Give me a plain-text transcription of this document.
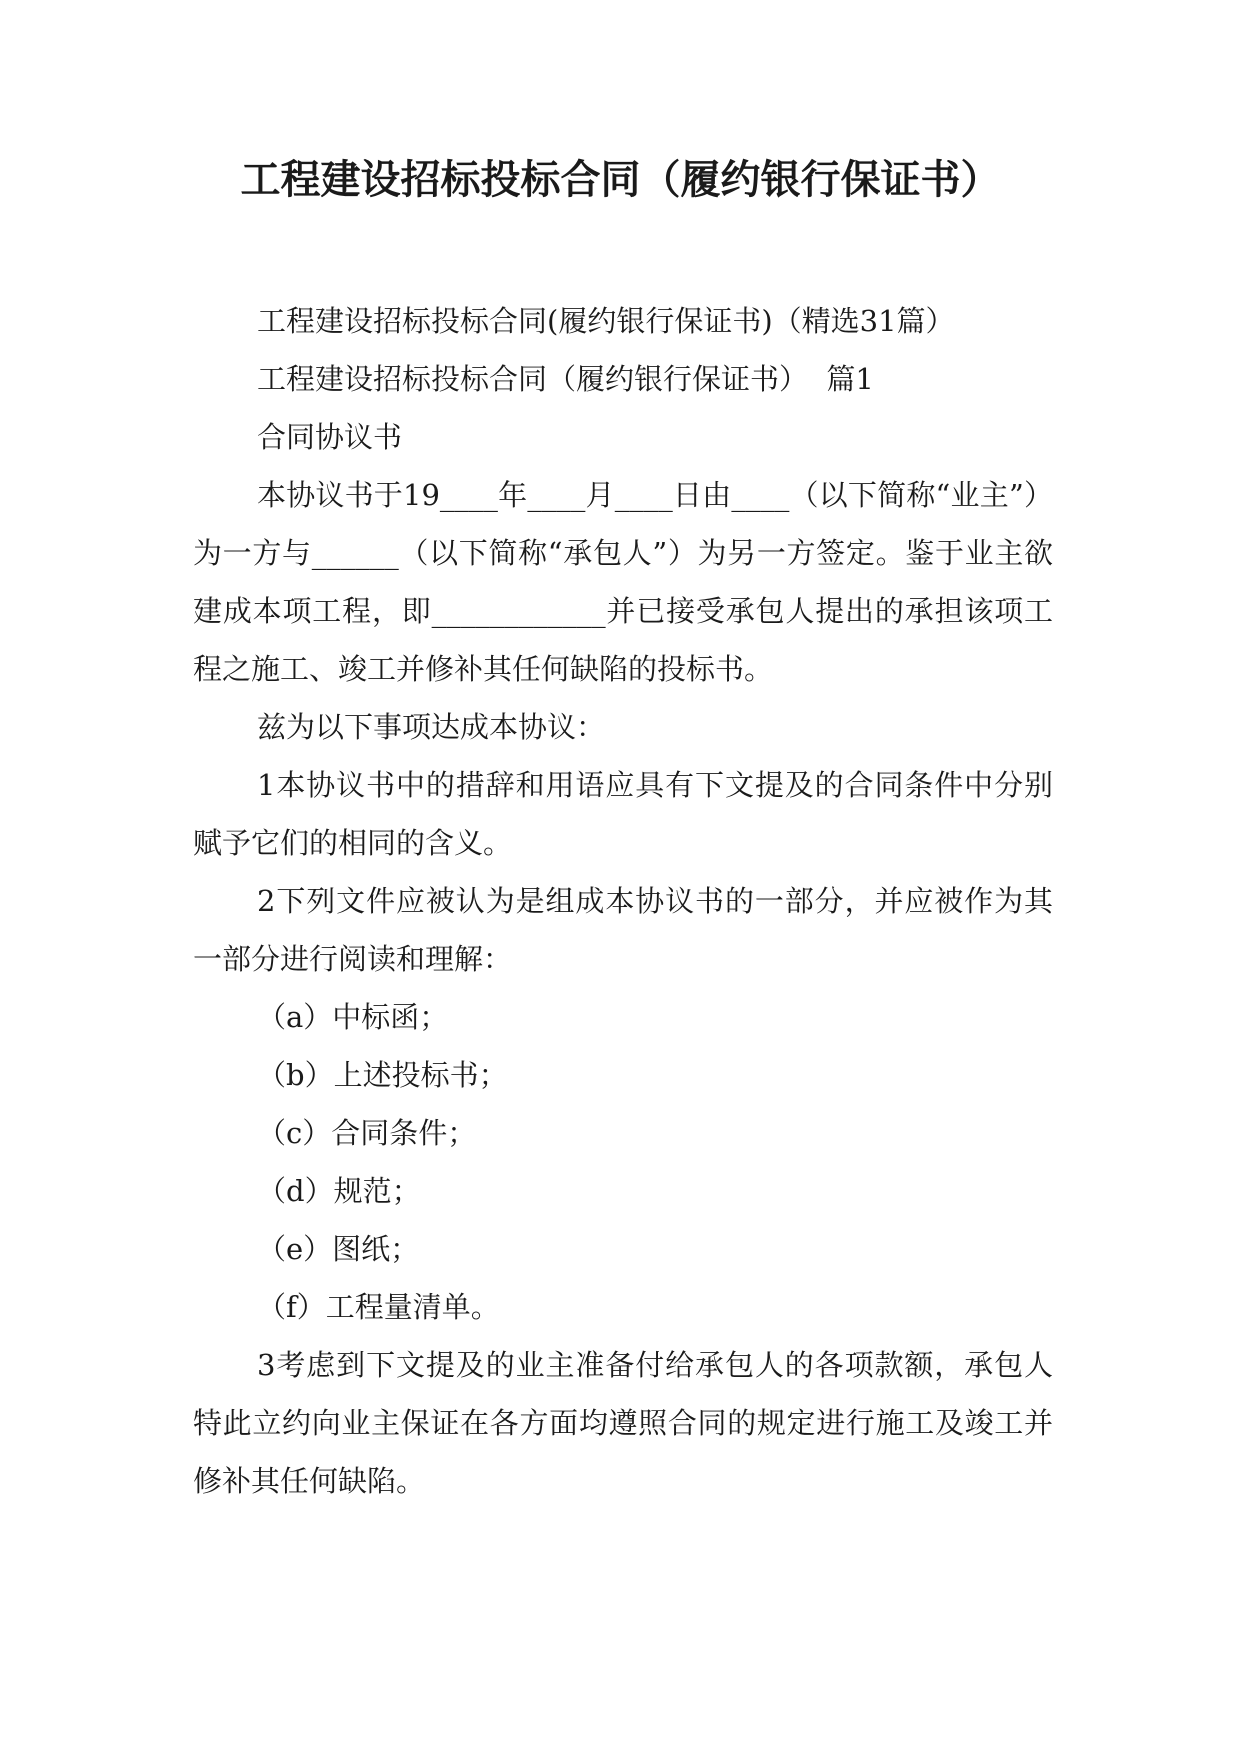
工程建设招标投标合同（履约银行保证书）

工程建设招标投标合同(履约银行保证书)（精选31篇）

工程建设招标投标合同（履约银行保证书）  篇1

合同协议书

本协议书于19____年____月____日由____（以下简称“业主”）为一方与______（以下简称“承包人”）为另一方签定。鉴于业主欲建成本项工程，即____________并已接受承包人提出的承担该项工程之施工、竣工并修补其任何缺陷的投标书。

兹为以下事项达成本协议：

1本协议书中的措辞和用语应具有下文提及的合同条件中分别赋予它们的相同的含义。

2下列文件应被认为是组成本协议书的一部分，并应被作为其一部分进行阅读和理解：

（a）中标函；

（b）上述投标书；

（c）合同条件；

（d）规范；

（e）图纸；

（f）工程量清单。

3考虑到下文提及的业主准备付给承包人的各项款额，承包人特此立约向业主保证在各方面均遵照合同的规定进行施工及竣工并修补其任何缺陷。
